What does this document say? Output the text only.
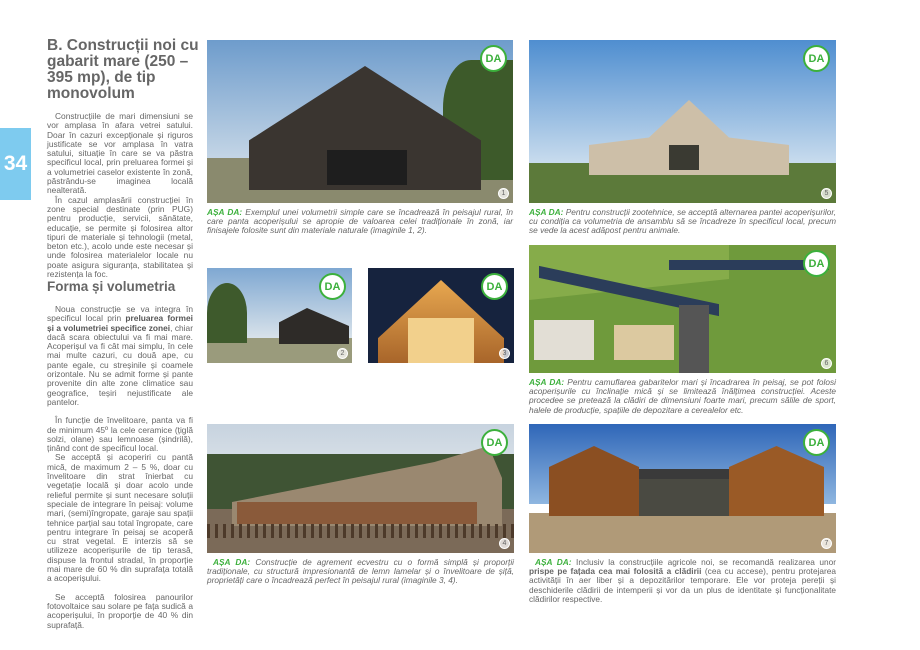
34
B. Construcții noi cu gabarit mare (250 – 395 mp), de tip monovolum

Construcțiile de mari dimensiuni se vor amplasa în afara vetrei satului. Doar în cazuri excepționale și riguros justificate se vor amplasa în vatra satului, situație în care se va păstra specificul local, prin preluarea formei și a volumetriei caselor existente în zonă, păstrându-se imaginea locală nealterată.

În cazul amplasării construcției în zone special destinate (prin PUG) pentru producție, servicii, sănătate, educație, se permite și folosirea altor tipuri de materiale și tehnologii (metal, beton etc.), acolo unde este necesar și unde folosirea materialelor locale nu poate asigura siguranța, stabilitatea și rezistența la foc.

Forma și volumetria

Noua construcție se va integra în specificul local prin preluarea formei și a volumetriei specifice zonei, chiar dacă scara obiectului va fi mai mare. Acoperișul va fi cât mai simplu, în cele mai multe cazuri, cu două ape, cu pante egale, cu streșinile și coamele orizontale. Nu se admit forme și pante provenite din alte zone climatice sau geografice, teșiri nejustificate ale pantelor.

În funcție de învelitoare, panta va fi de minimum 45º la cele ceramice (țiglă solzi, olane) sau lemnoase (șindrilă), ținând cont de specificul local.

Se acceptă și acoperiri cu pantă mică, de maximum 2 – 5 %, doar cu învelitoare din strat înierbat cu vegetație locală și doar acolo unde relieful permite și sunt necesare soluții speciale de integrare în peisaj: volume mari, (semi)îngropate, garaje sau spații tehnice parțial sau total îngropate, care pentru integrare în peisaj se acoperă cu strat vegetal. E interzis să se utilizeze acoperișurile de tip terasă, dispuse la frontul stradal, în proporție mai mare de 60 % din suprafața totală a acoperișului.

Se acceptă folosirea panourilor fotovoltaice sau solare pe fața sudică a acoperișului, în proporție de 40 % din suprafață.

DA
1
DA
5
AȘA DA: Exemplul unei volumetrii simple care se încadrează în peisajul rural, în care panta acoperișului se apropie de valoarea celei tradiționale în zonă, iar finisajele folosite sunt din materiale naturale (imaginile 1, 2).
AȘA DA: Pentru construcții zootehnice, se acceptă alternarea pantei acoperișurilor, cu condiția ca volumetria de ansamblu să se încadreze în specificul local, precum se vede la acest adăpost pentru animale.
DA
2
DA
3
DA
6
AȘA DA: Pentru camuflarea gabaritelor mari și încadrarea în peisaj, se pot folosi acoperișurile cu înclinație mică și se limitează înălțimea construcției. Aceste procedee se pretează la clădiri de dimensiuni foarte mari, precum sălile de sport, halele de producție, spațiile de depozitare a cerealelor etc.
DA
4
DA
7
AȘA DA: Construcție de agrement ecvestru cu o formă simplă și proporții tradiționale, cu structură impresionantă de lemn lamelar și o învelitoare de șiță, proprietăți care o încadrează perfect în peisajul rural (imaginile 3, 4).
AȘA DA: Inclusiv la construcțiile agricole noi, se recomandă realizarea unor prispe pe fațada cea mai folosită a clădirii (cea cu accese), pentru protejarea activității în aer liber și a depozitărilor temporare. Ele vor proteja pereții și deschiderile clădirii de intemperii și vor da un plus de identitate și funcționalitate clădirilor respective.
